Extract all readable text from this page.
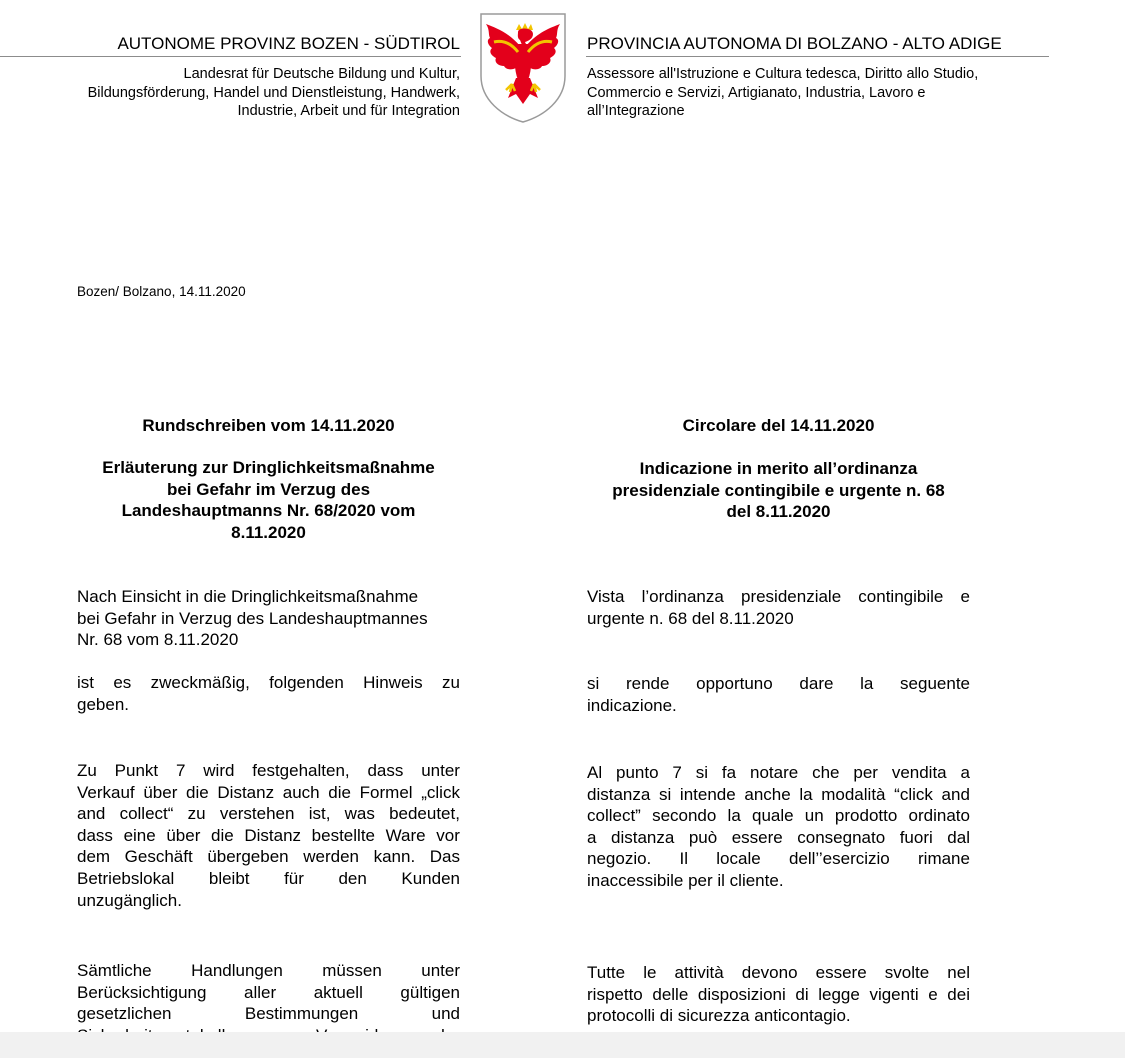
AUTONOME PROVINZ BOZEN - SÜDTIROL
Landesrat für Deutsche Bildung und Kultur,
Bildungsförderung, Handel und Dienstleistung, Handwerk,
Industrie, Arbeit und für Integration
PROVINCIA AUTONOMA DI BOLZANO - ALTO ADIGE
Assessore all'Istruzione e Cultura tedesca, Diritto allo Studio,
Commercio e Servizi, Artigianato, Industria, Lavoro e
all’Integrazione
Bozen/ Bolzano, 14.11.2020
Rundschreiben vom 14.11.2020
Erläuterung zur Dringlichkeitsmaßnahme
bei Gefahr im Verzug des
Landeshauptmanns Nr. 68/2020 vom
8.11.2020
Nach Einsicht in die Dringlichkeitsmaßnahme
bei Gefahr in Verzug des Landeshauptmannes
Nr. 68 vom 8.11.2020
ist es zweckmäßig, folgenden Hinweis zu
geben.
Zu Punkt 7 wird festgehalten, dass unter
Verkauf über die Distanz auch die Formel „click
and collect“ zu verstehen ist, was bedeutet,
dass eine über die Distanz bestellte Ware vor
dem Geschäft übergeben werden kann. Das
Betriebslokal bleibt für den Kunden
unzugänglich.
Sämtliche Handlungen müssen unter
Berücksichtigung aller aktuell gültigen
gesetzlichen	Bestimmungen	und
Circolare del 14.11.2020
Indicazione in merito all’ordinanza
presidenziale contingibile e urgente n. 68
del 8.11.2020
Vista l’ordinanza presidenziale contingibile e
urgente n. 68 del 8.11.2020
si rende opportuno dare la seguente
indicazione.
Al punto 7 si fa notare che per vendita a
distanza si intende anche la modalità “click and
collect” secondo la quale un prodotto ordinato
a distanza può essere consegnato fuori dal
negozio. Il locale dell’’esercizio rimane
inaccessibile per il cliente.
Tutte le attività devono essere svolte nel
rispetto delle disposizioni di legge vigenti e dei
protocolli di sicurezza anticontagio.
